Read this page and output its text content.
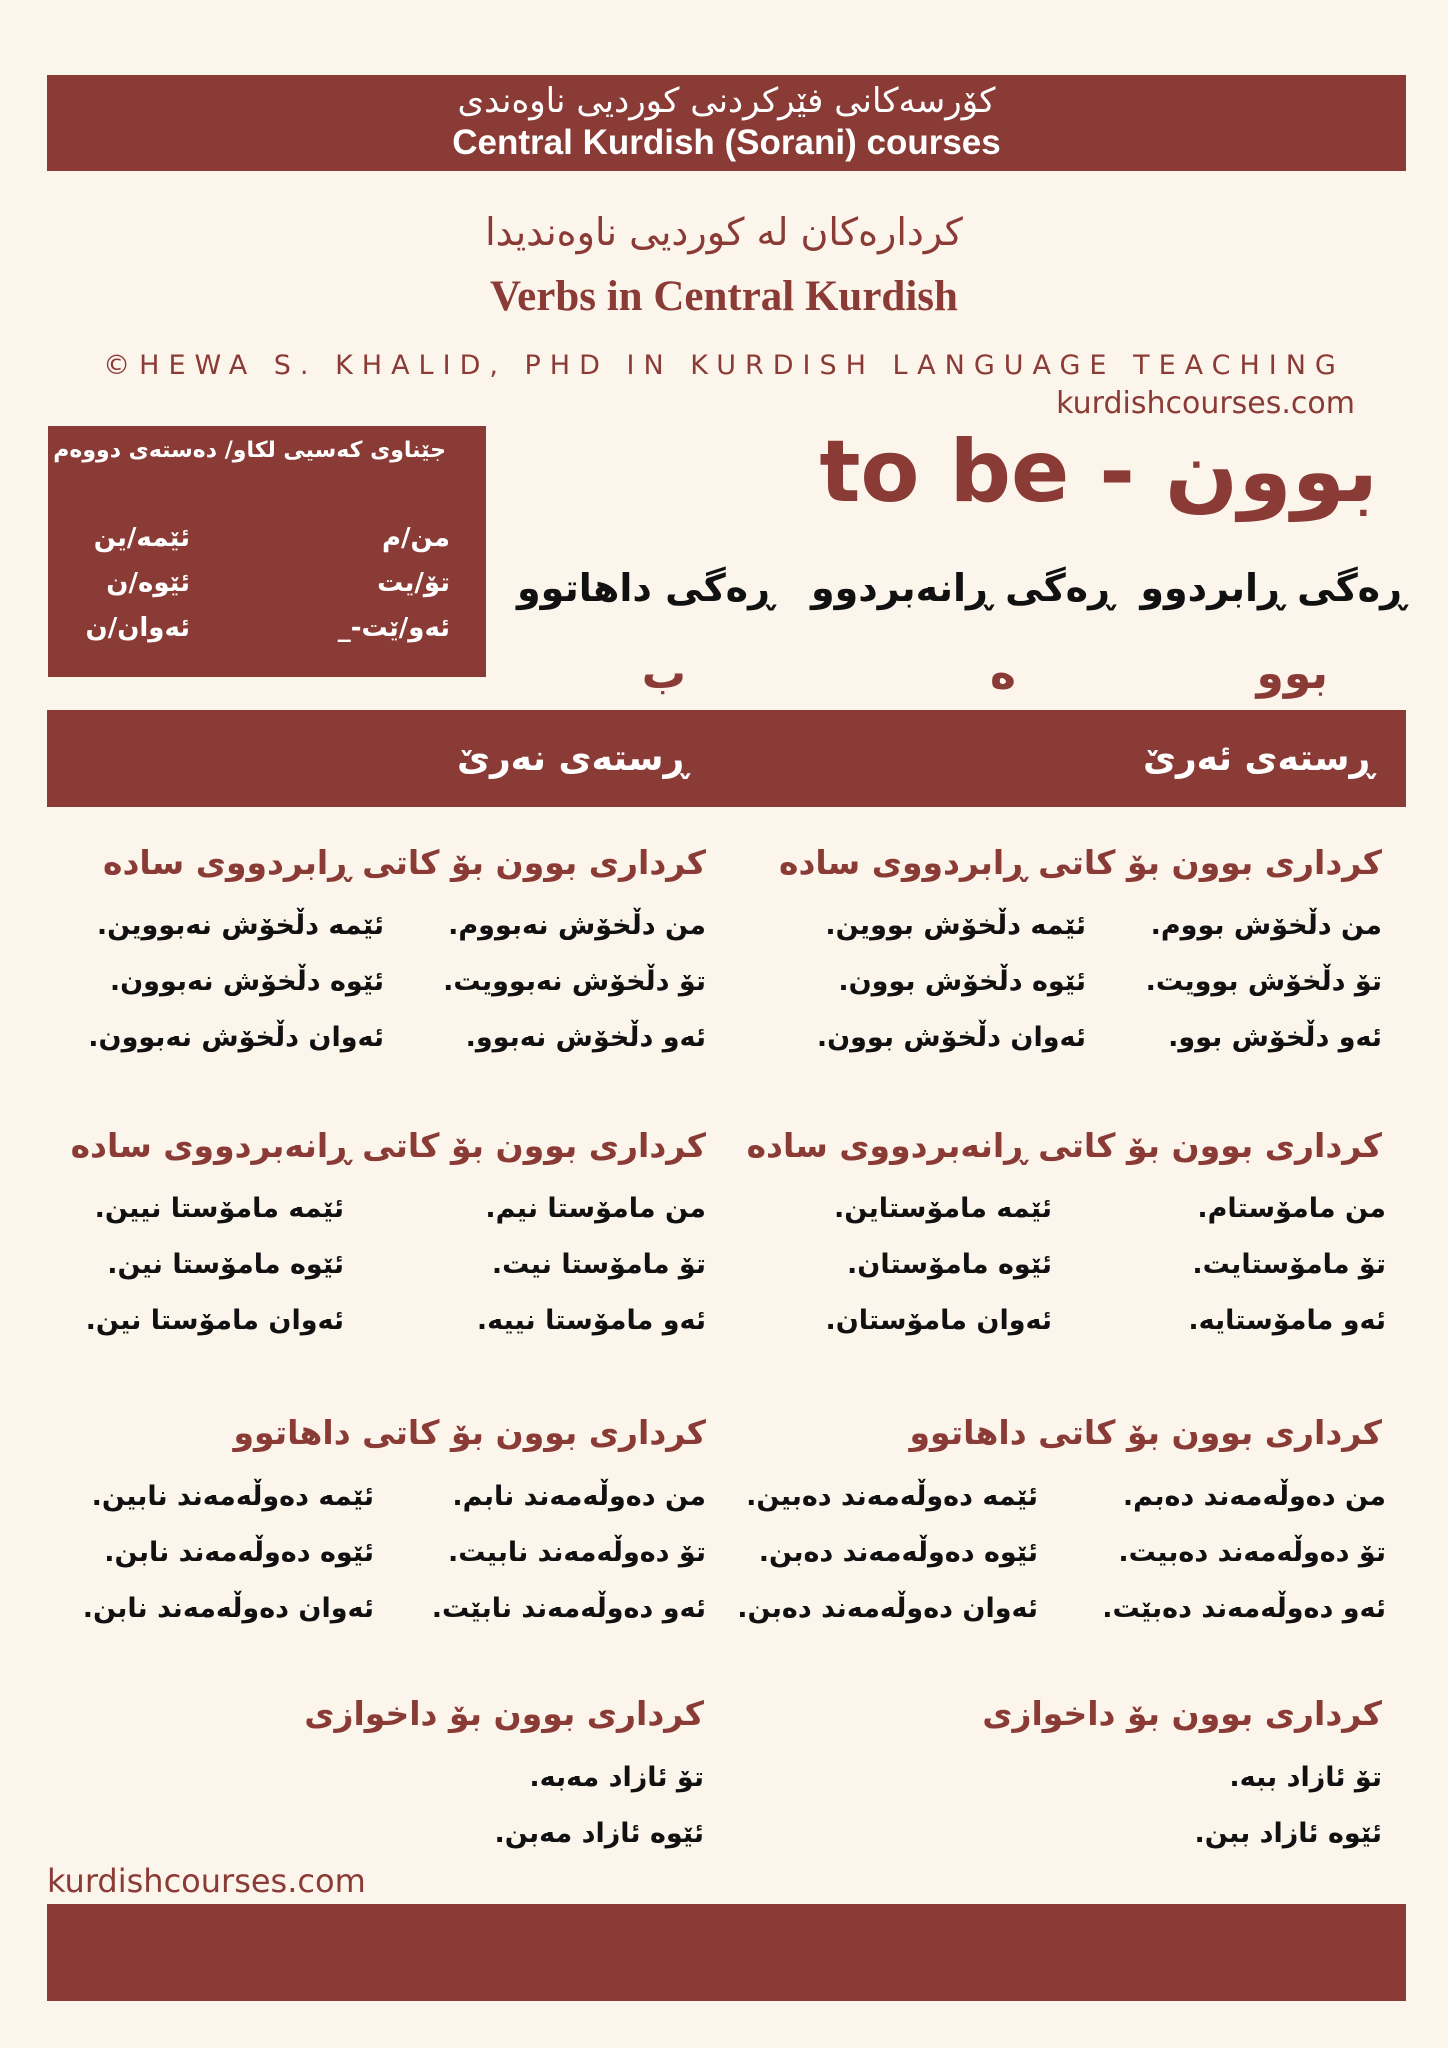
کۆرسەکانی فێرکردنی کوردیی ناوەندی
Central Kurdish (Sorani) courses
کردارەکان لە کوردیی ناوەندیدا
Verbs in Central Kurdish
©HEWA S. KHALID, PHD IN KURDISH LANGUAGE TEACHING
kurdishcourses.com
جێناوی کەسیی لکاو/ دەستەی دووەم
من/م
تۆ/یت
ئەو/ێت-_
ئێمە/ین
ئێوە/ن
ئەوان/ن
to be - بوون
ڕەگی ڕابردوو
ڕەگی ڕانەبردوو
ڕەگی داهاتوو
بوو
ە
ب
ڕستەی ئەرێ
ڕستەی نەرێ
کرداری بوون بۆ کاتی ڕابردووی سادە
من دڵخۆش بووم.
تۆ دڵخۆش بوویت.
ئەو دڵخۆش بوو.
ئێمە دڵخۆش بووین.
ئێوە دڵخۆش بوون.
ئەوان دڵخۆش بوون.
کرداری بوون بۆ کاتی ڕابردووی سادە
من دڵخۆش نەبووم.
تۆ دڵخۆش نەبوویت.
ئەو دڵخۆش نەبوو.
ئێمە دڵخۆش نەبووین.
ئێوە دڵخۆش نەبوون.
ئەوان دڵخۆش نەبوون.
کرداری بوون بۆ کاتی ڕانەبردووی سادە
من مامۆستام.
تۆ مامۆستایت.
ئەو مامۆستایە.
ئێمە مامۆستاین.
ئێوە مامۆستان.
ئەوان مامۆستان.
کرداری بوون بۆ کاتی ڕانەبردووی سادە
من مامۆستا نیم.
تۆ مامۆستا نیت.
ئەو مامۆستا نییە.
ئێمە مامۆستا نیین.
ئێوە مامۆستا نین.
ئەوان مامۆستا نین.
کرداری بوون بۆ کاتی داهاتوو
من دەوڵەمەند دەبم.
تۆ دەوڵەمەند دەبیت.
ئەو دەوڵەمەند دەبێت.
ئێمە دەوڵەمەند دەبین.
ئێوە دەوڵەمەند دەبن.
ئەوان دەوڵەمەند دەبن.
کرداری بوون بۆ کاتی داهاتوو
من دەوڵەمەند نابم.
تۆ دەوڵەمەند نابیت.
ئەو دەوڵەمەند نابێت.
ئێمە دەوڵەمەند نابین.
ئێوە دەوڵەمەند نابن.
ئەوان دەوڵەمەند نابن.
کرداری بوون بۆ داخوازی
تۆ ئازاد ببە.
ئێوە ئازاد ببن.
کرداری بوون بۆ داخوازی
تۆ ئازاد مەبە.
ئێوە ئازاد مەبن.
kurdishcourses.com
